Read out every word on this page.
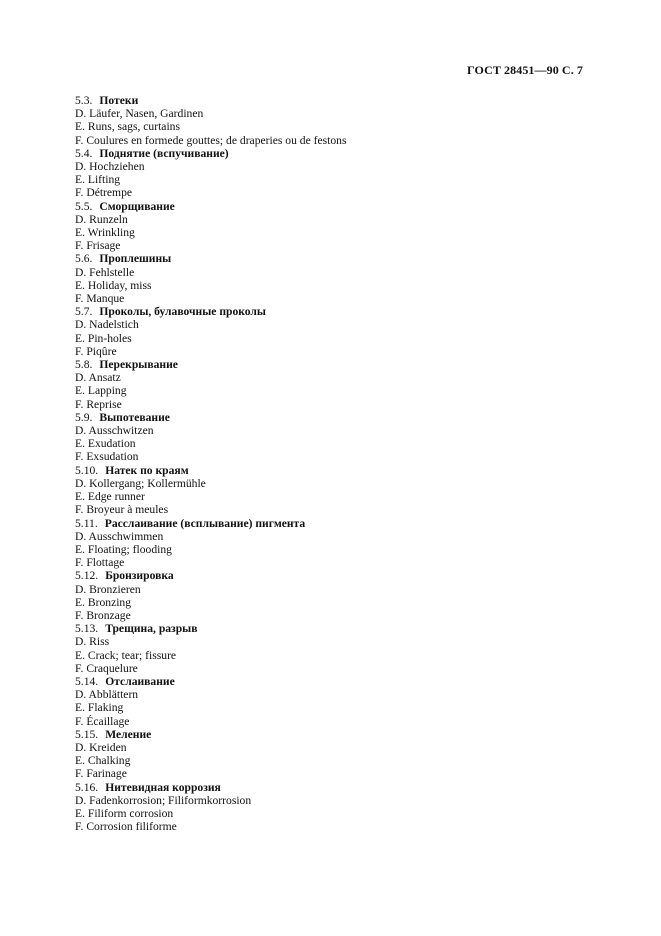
ГОСТ 28451—90 С. 7
5.3. Потеки
D. Läufer, Nasen, Gardinen
E. Runs, sags, curtains
F. Coulures en formede gouttes; de draperies ou de festons
5.4. Поднятие (вспучивание)
D. Hochziehen
E. Lifting
F. Détrempe
5.5. Сморщивание
D. Runzeln
E. Wrinkling
F. Frisage
5.6. Проплешины
D. Fehlstelle
E. Holiday, miss
F. Manque
5.7. Проколы, булавочные проколы
D. Nadelstich
E. Pin-holes
F. Piqûre
5.8. Перекрывание
D. Ansatz
E. Lapping
F. Reprise
5.9. Выпотевание
D. Ausschwitzen
E. Exudation
F. Exsudation
5.10. Натек по краям
D. Kollergang; Kollermühle
E. Edge runner
F. Broyeur à meules
5.11. Расслаивание (всплывание) пигмента
D. Ausschwimmen
E. Floating; flooding
F. Flottage
5.12. Бронзировка
D. Bronzieren
E. Bronzing
F. Bronzage
5.13. Трещина, разрыв
D. Riss
E. Crack; tear; fissure
F. Craquelure
5.14. Отслаивание
D. Abblättern
E. Flaking
F. Écaillage
5.15. Меление
D. Kreiden
E. Chalking
F. Farinage
5.16. Нитевидная коррозия
D. Fadenkorrosion; Filiformkorrosion
E. Filiform corrosion
F. Corrosion filiforme
